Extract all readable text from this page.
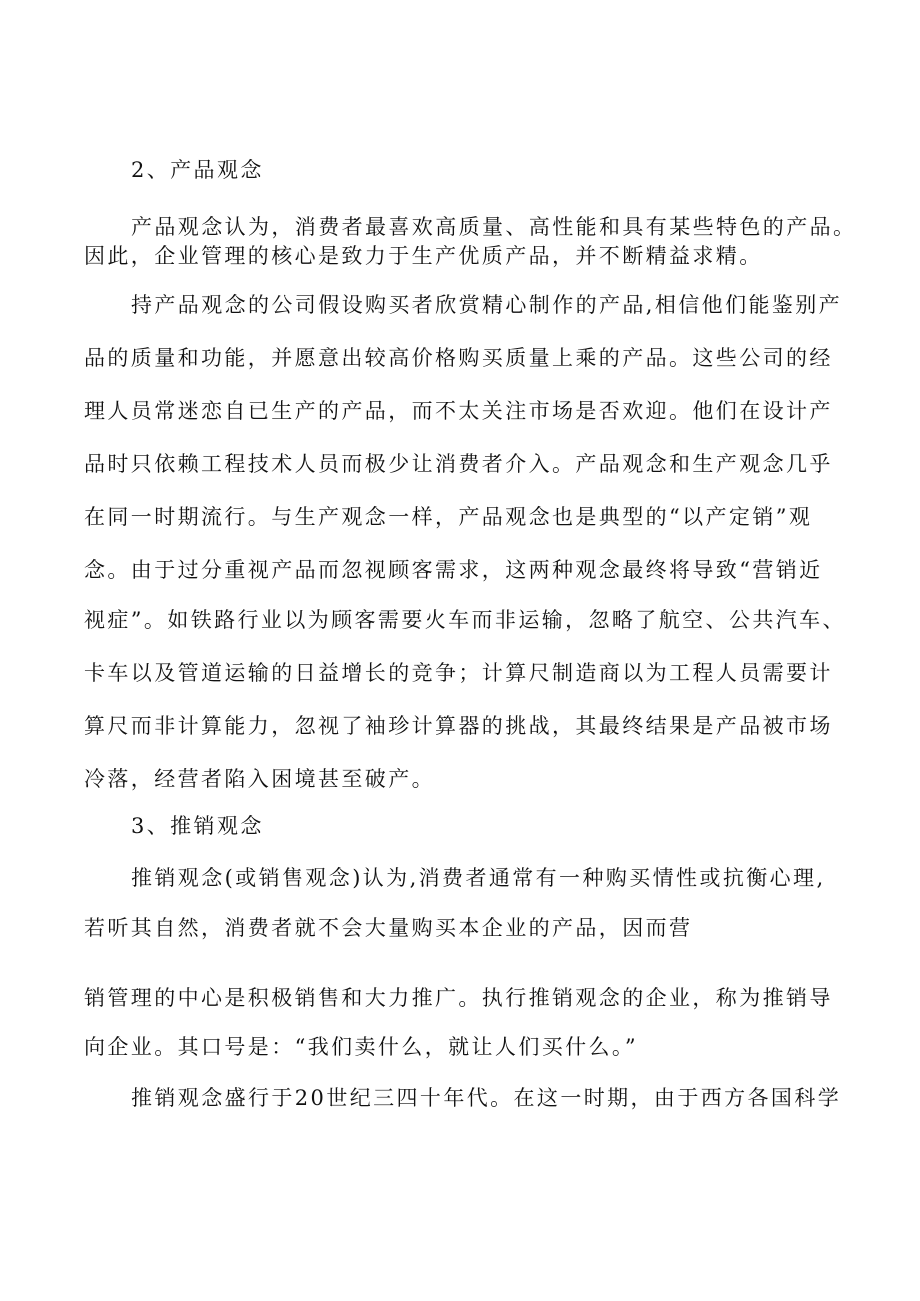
2、产品观念
产品观念认为，消费者最喜欢高质量、高性能和具有某些特色的产品。
因此，企业管理的核心是致力于生产优质产品，并不断精益求精。
持产品观念的公司假设购买者欣赏精心制作的产品,相信他们能鉴别产
品的质量和功能，并愿意出较高价格购买质量上乘的产品。这些公司的经
理人员常迷恋自已生产的产品，而不太关注市场是否欢迎。他们在设计产
品时只依赖工程技术人员而极少让消费者介入。产品观念和生产观念几乎
在同一时期流行。与生产观念一样，产品观念也是典型的“以产定销”观
念。由于过分重视产品而忽视顾客需求，这两种观念最终将导致“营销近
视症”。如铁路行业以为顾客需要火车而非运输，忽略了航空、公共汽车、
卡车以及管道运输的日益增长的竞争；计算尺制造商以为工程人员需要计
算尺而非计算能力，忽视了袖珍计算器的挑战，其最终结果是产品被市场
冷落，经营者陷入困境甚至破产。
3、推销观念
推销观念(或销售观念)认为,消费者通常有一种购买情性或抗衡心理,
若听其自然，消费者就不会大量购买本企业的产品，因而营
销管理的中心是积极销售和大力推广。执行推销观念的企业，称为推销导
向企业。其口号是：“我们卖什么，就让人们买什么。”
推销观念盛行于20世纪三四十年代。在这一时期，由于西方各国科学
